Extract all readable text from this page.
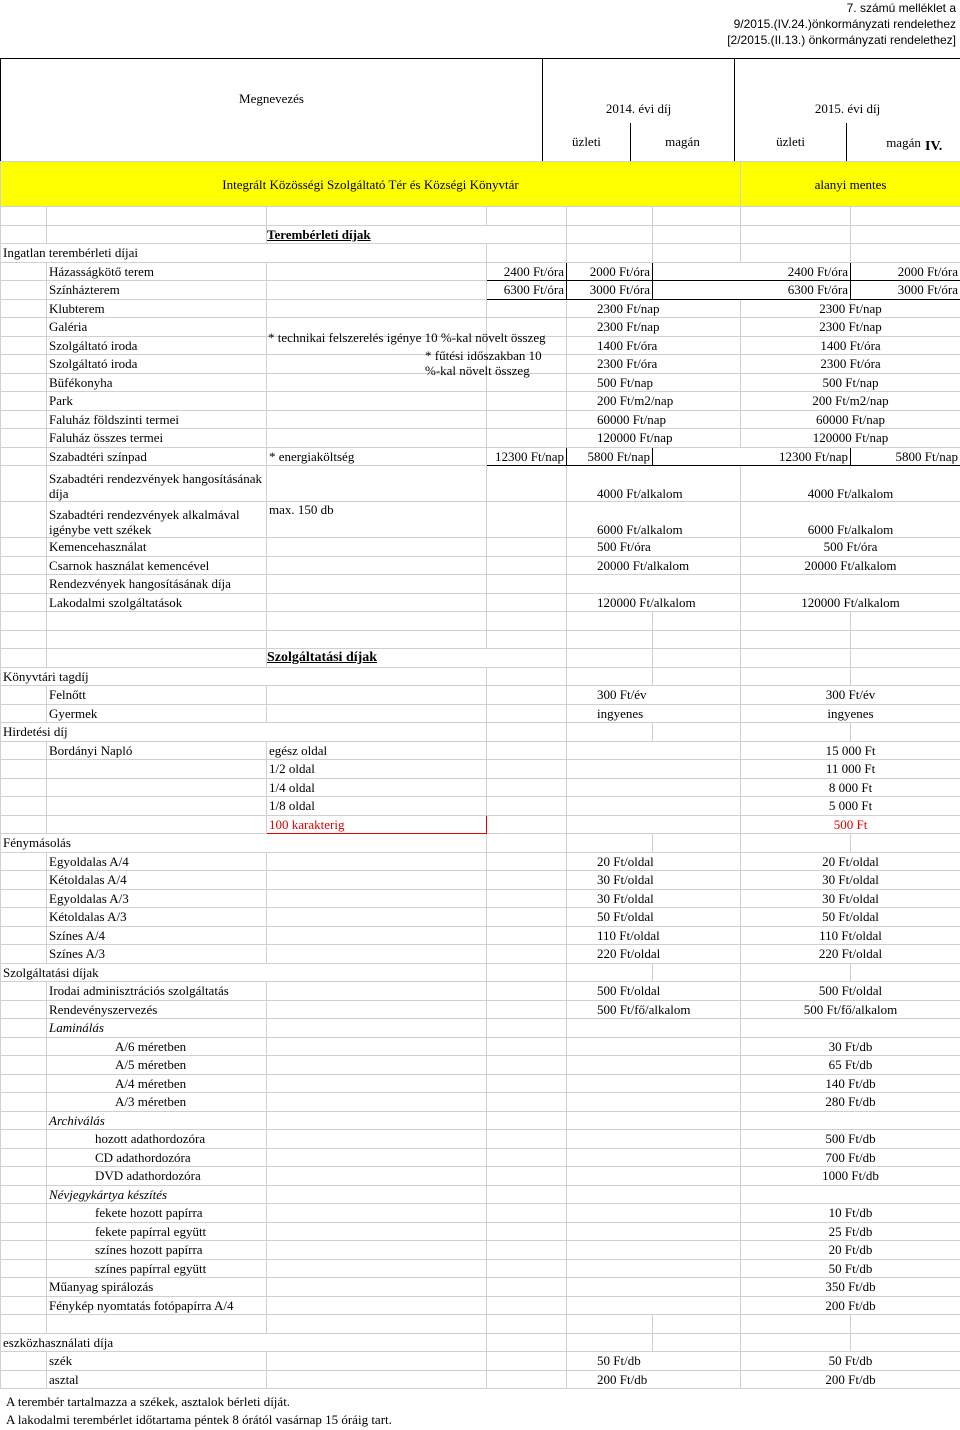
7. számú melléklet a
9/2015.(IV.24.)önkormányzati rendelethez
[2/2015.(II.13.) önkormányzati rendelethez]
Megnevezés	2014. évi díj		2015. évi díj	
	üzleti	magán	üzleti	magán IV.
Integrált Közösségi Szolgáltató Tér és Községi Könyvtár						alanyi mentes		

		Terembérleti díjak						
Ingatlan terembérleti díjai								
	Házasságkötő terem		2400 Ft/óra	2000 Ft/óra	2400 Ft/óra		2000 Ft/óra	
	Színházterem		6300 Ft/óra	3000 Ft/óra	6300 Ft/óra		3000 Ft/óra	
	Klubterem			2300 Ft/nap		2300 Ft/nap		
	Galéria			2300 Ft/nap		2300 Ft/nap		
	Szolgáltató iroda			1400 Ft/óra		1400 Ft/óra		
	Szolgáltató iroda			2300 Ft/óra		2300 Ft/óra		
	Büfékonyha			500 Ft/nap		500 Ft/nap		
	Park			200 Ft/m2/nap		200 Ft/m2/nap		
	Faluház földszinti termei			60000 Ft/nap		60000 Ft/nap		
	Faluház összes termei			120000 Ft/nap		120000 Ft/nap		
	Szabadtéri színpad	* energiaköltség	12300 Ft/nap	5800 Ft/nap	12300 Ft/nap		5800 Ft/nap	
	Szabadtéri rendezvények hangosításának díja			4000 Ft/alkalom		4000 Ft/alkalom		
	Szabadtéri rendezvények alkalmával igénybe vett székek	max. 150 db		6000 Ft/alkalom		6000 Ft/alkalom		
	Kemencehasználat			500 Ft/óra		500 Ft/óra		
	Csarnok használat kemencével			20000 Ft/alkalom		20000 Ft/alkalom		
	Rendezvények hangosításának díja							
	Lakodalmi szolgáltatások			120000 Ft/alkalom		120000 Ft/alkalom		

		Szolgáltatási díjak						
Könyvtári tagdíj								
	Felnőtt			300 Ft/év		300 Ft/év		
	Gyermek			ingyenes		ingyenes		
Hirdetési díj								
	Bordányi Napló	egész oldal				15 000 Ft		
		1/2 oldal				11 000 Ft		
		1/4 oldal				8 000 Ft		
		1/8 oldal				5 000 Ft		
		100 karakterig				500 Ft		
Fénymásolás								
	Egyoldalas A/4			20 Ft/oldal		20 Ft/oldal		
	Kétoldalas A/4			30 Ft/oldal		30 Ft/oldal		
	Egyoldalas A/3			30 Ft/oldal		30 Ft/oldal		
	Kétoldalas A/3			50 Ft/oldal		50 Ft/oldal		
	Színes A/4			110 Ft/oldal		110 Ft/oldal		
	Színes A/3			220 Ft/oldal		220 Ft/oldal		
Szolgáltatási díjak								
	Irodai adminisztrációs szolgáltatás			500 Ft/oldal		500 Ft/oldal		
	Rendevényszervezés			500 Ft/fő/alkalom		500 Ft/fő/alkalom		
	Laminálás							
	A/6 méretben					30 Ft/db		
	A/5 méretben					65 Ft/db		
	A/4 méretben					140 Ft/db		
	A/3 méretben					280 Ft/db		
	Archiválás							
	hozott adathordozóra					500 Ft/db		
	CD adathordozóra					700 Ft/db		
	DVD adathordozóra					1000 Ft/db		
	Névjegykártya készítés							
	fekete hozott papírra					10 Ft/db		
	fekete papírral együtt					25 Ft/db		
	színes hozott papírra					20 Ft/db		
	színes papírral együtt					50 Ft/db		
	Műanyag spirálozás					350 Ft/db		
	Fénykép nyomtatás fotópapírra A/4					200 Ft/db		

eszközhasználati díja								
	szék			50 Ft/db		50 Ft/db		
	asztal			200 Ft/db		200 Ft/db		
* technikai felszerelés igénye 10 %-kal növelt összeg
* fűtési időszakban 10 %-kal növelt összeg
A terembér tartalmazza a székek, asztalok bérleti díját.
A lakodalmi terembérlet időtartama péntek 8 órától vasárnap 15 óráig tart.
